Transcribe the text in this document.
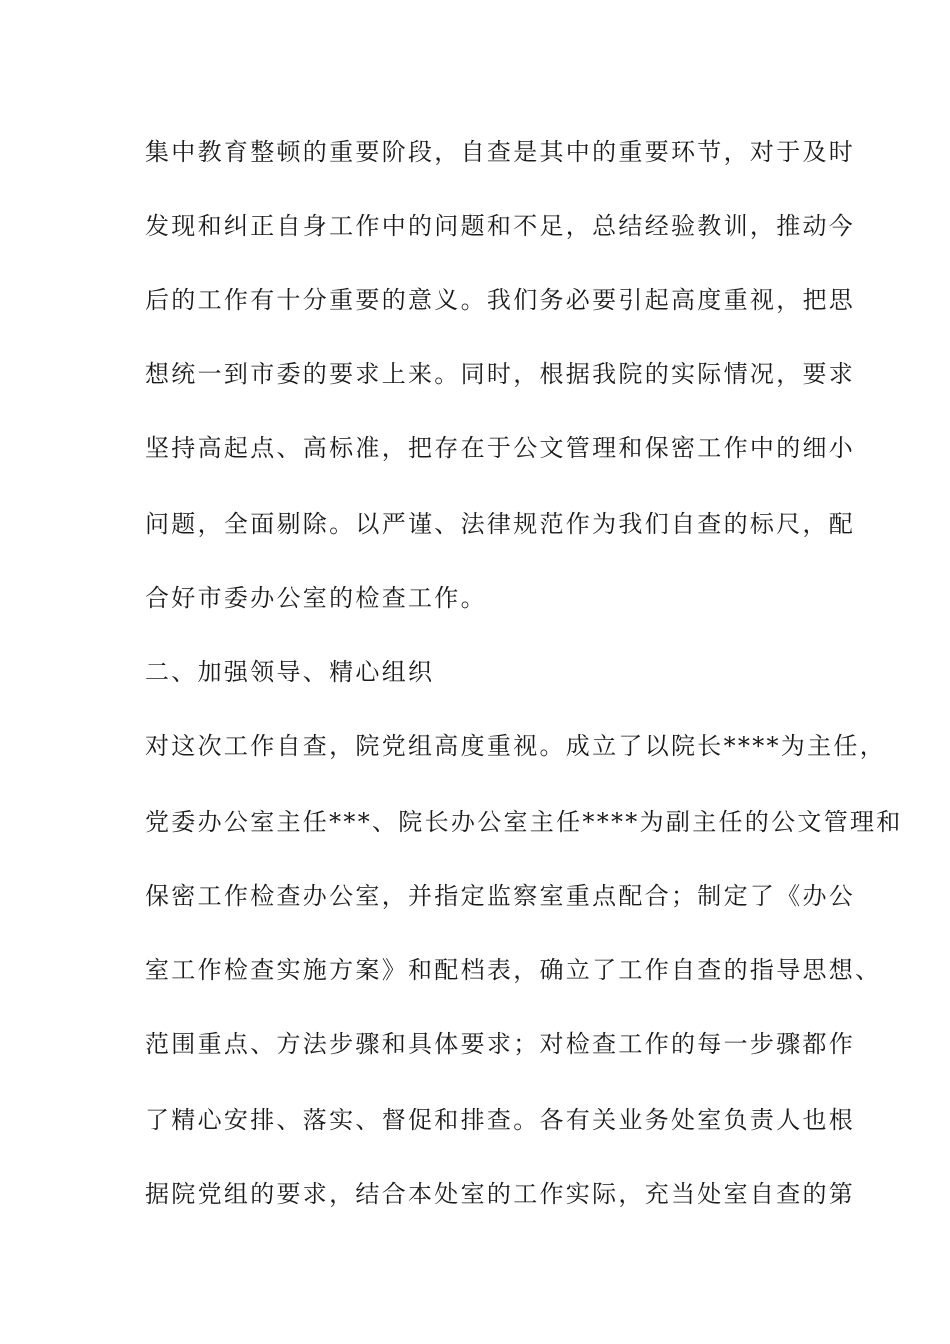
集中教育整顿的重要阶段，自查是其中的重要环节，对于及时

发现和纠正自身工作中的问题和不足，总结经验教训，推动今

后的工作有十分重要的意义。我们务必要引起高度重视，把思

想统一到市委的要求上来。同时，根据我院的实际情况，要求

坚持高起点、高标准，把存在于公文管理和保密工作中的细小

问题，全面剔除。以严谨、法律规范作为我们自查的标尺，配

合好市委办公室的检查工作。

二、加强领导、精心组织

对这次工作自查，院党组高度重视。成立了以院长****为主任，

党委办公室主任***、院长办公室主任****为副主任的公文管理和

保密工作检查办公室，并指定监察室重点配合；制定了《办公

室工作检查实施方案》和配档表，确立了工作自查的指导思想、

范围重点、方法步骤和具体要求；对检查工作的每一步骤都作

了精心安排、落实、督促和排查。各有关业务处室负责人也根

据院党组的要求，结合本处室的工作实际，充当处室自查的第
